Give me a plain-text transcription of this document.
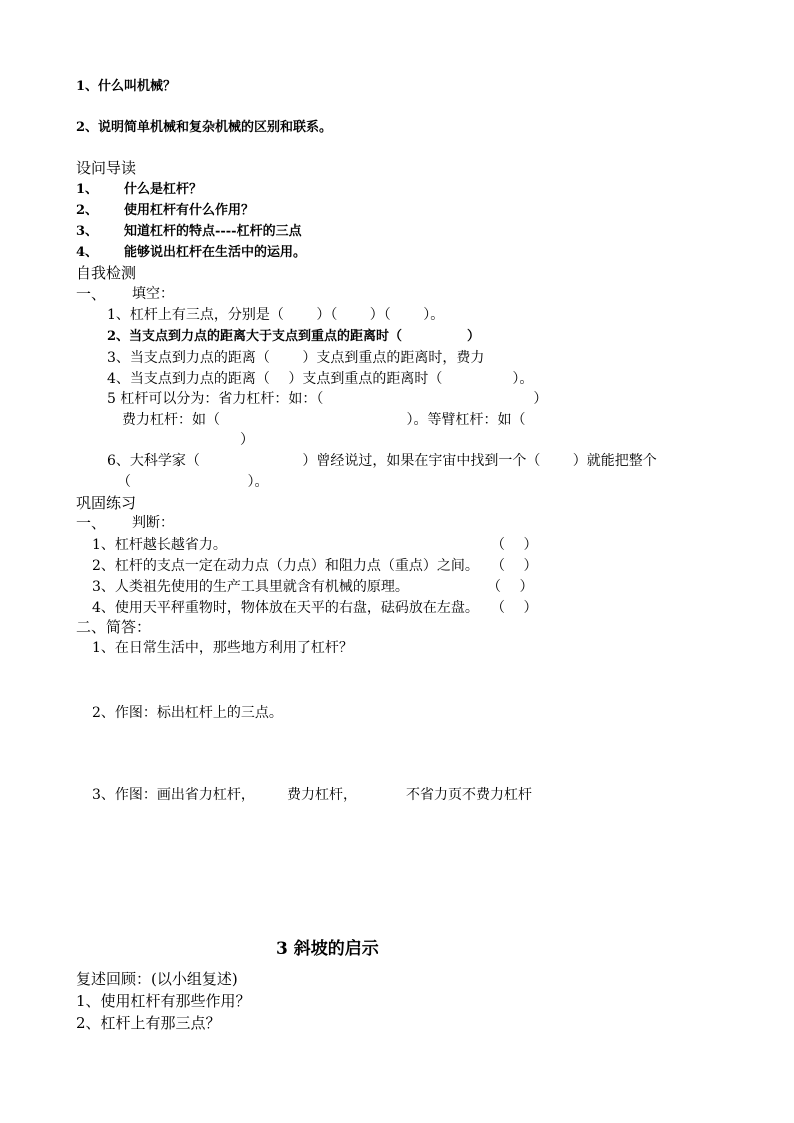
1、什么叫机械？
2、说明简单机械和复杂机械的区别和联系。
设问导读
1、 什么是杠杆？
2、 使用杠杆有什么作用？
3、 知道杠杆的特点----杠杆的三点
4、 能够说出杠杆在生活中的运用。
自我检测
一、 填空：
1、杠杆上有三点，分别是（　　 ）（　　 ）（　　 ）。
2、当支点到力点的距离大于支点到重点的距离时（　　　　　）
3、当支点到力点的距离（　　 ）支点到重点的距离时，费力
4、当支点到力点的距离（　 ）支点到重点的距离时（　　　　　）。
5 杠杆可以分为：省力杠杆：如：（　　　　　　　　　　　　　　　）
费力杠杆：如（　　　　　　　　　　　　　 ）。等臂杠杆：如（
）
6、大科学家（　　　　　　　 ）曾经说过，如果在宇宙中找到一个（　　 ）就能把整个
（　　　　　　　　 ）。
巩固练习
一、 判断：
1、杠杆越长越省力。	（　 ）
2、杠杆的支点一定在动力点（力点）和阻力点（重点）之间。 （　 ）
3、人类祖先使用的生产工具里就含有机械的原理。	（　 ）
4、使用天平秤重物时，物体放在天平的右盘，砝码放在左盘。 （　 ）
二、简答：
1、在日常生活中，那些地方利用了杠杆？
2、作图：标出杠杆上的三点。
3、作图：画出省力杠杆， 费力杠杆，	不省力页不费力杠杆
3 斜坡的启示
复述回顾：(以小组复述)
1、使用杠杆有那些作用？
2、杠杆上有那三点？
